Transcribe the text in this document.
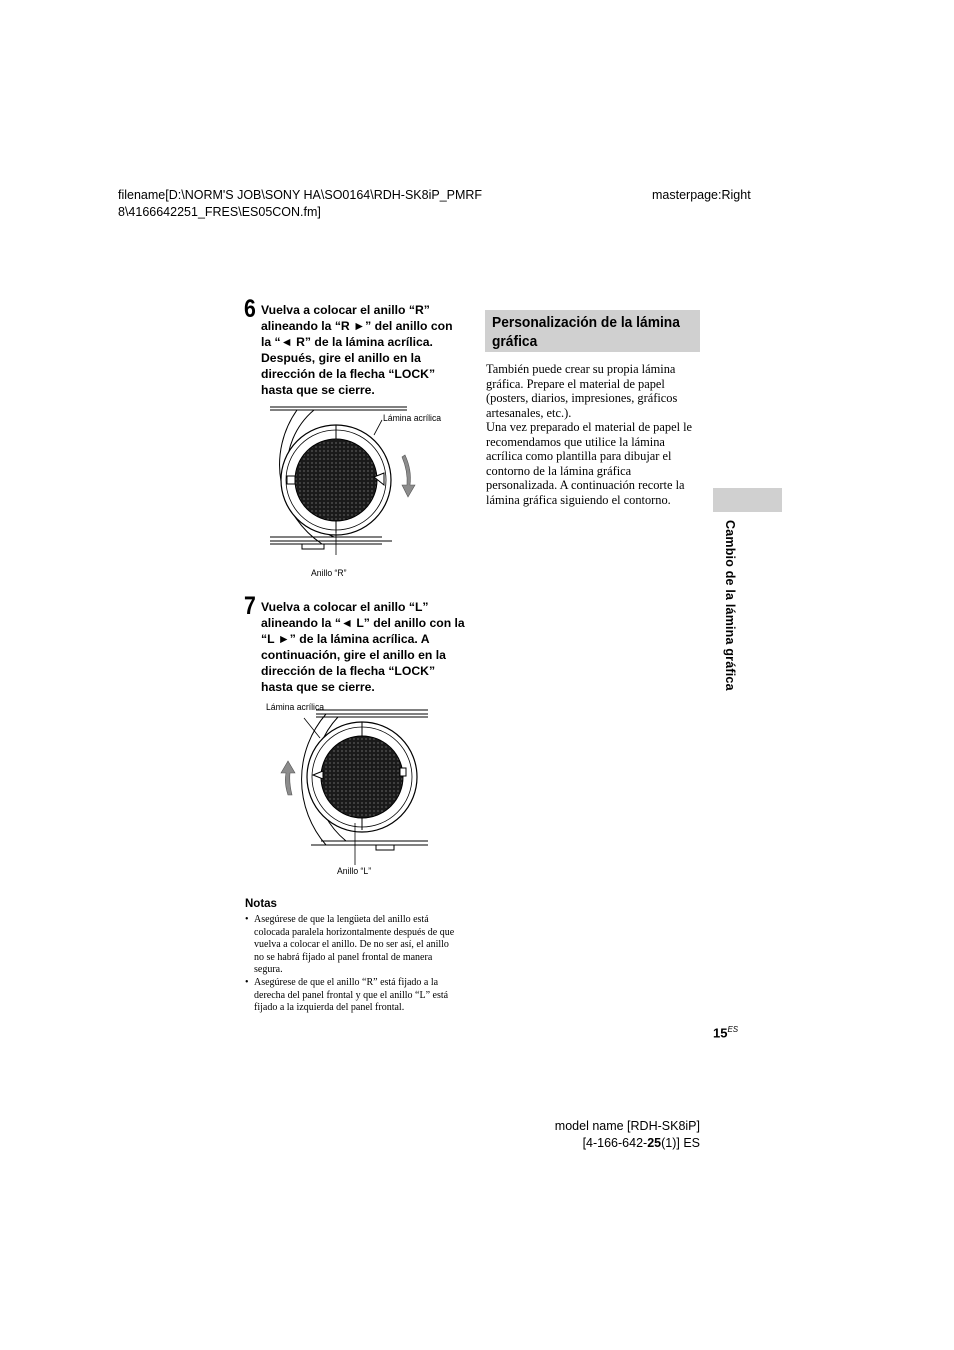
filename[D:\NORM'S JOB\SONY HA\SO0164\RDH-SK8iP_PMRF
8\4166642251_FRES\ES05CON.fm]
masterpage:Right
6 Vuelva a colocar el anillo “R” alineando la “R ►” del anillo con la “◄ R” de la lámina acrílica. Después, gire el anillo en la dirección de la flecha “LOCK” hasta que se cierre.
Lámina acrílica
Anillo “R”
7 Vuelva a colocar el anillo “L” alineando la “◄ L” del anillo con la “L ►” de la lámina acrílica. A continuación, gire el anillo en la dirección de la flecha “LOCK” hasta que se cierre.
Lámina acrílica
Anillo “L”
Notas
• Asegúrese de que la lengüeta del anillo está colocada paralela horizontalmente después de que vuelva a colocar el anillo. De no ser así, el anillo no se habrá fijado al panel frontal de manera segura.
• Asegúrese de que el anillo “R” está fijado a la derecha del panel frontal y que el anillo “L” está fijado a la izquierda del panel frontal.
Personalización de la lámina gráfica
También puede crear su propia lámina gráfica. Prepare el material de papel (posters, diarios, impresiones, gráficos artesanales, etc.).
Una vez preparado el material de papel le recomendamos que utilice la lámina acrílica como plantilla para dibujar el contorno de la lámina gráfica personalizada. A continuación recorte la lámina gráfica siguiendo el contorno.
Cambio de la lámina gráfica
$15^{ES}$
model name [RDH-SK8iP]
[4-166-642-25(1)] ES
